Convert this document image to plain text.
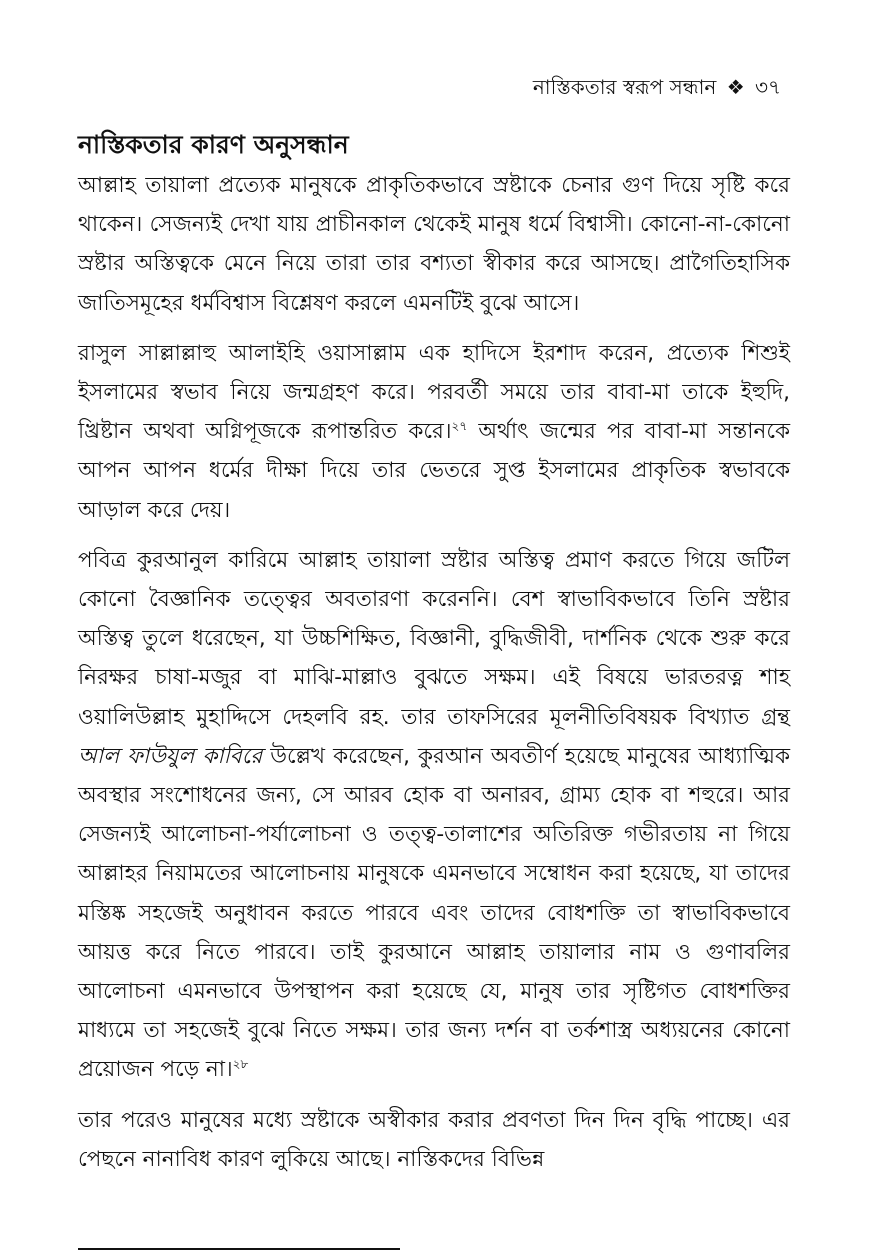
নাস্তিকতার স্বরূপ সন্ধান ❖ ৩৭
নাস্তিকতার কারণ অনুসন্ধান

আল্লাহ তায়ালা প্রত্যেক মানুষকে প্রাকৃতিকভাবে স্রষ্টাকে চেনার গুণ দিয়ে সৃষ্টি করে থাকেন। সেজন্যই দেখা যায় প্রাচীনকাল থেকেই মানুষ ধর্মে বিশ্বাসী। কোনো-না-কোনো স্রষ্টার অস্তিত্বকে মেনে নিয়ে তারা তার বশ্যতা স্বীকার করে আসছে। প্রাগৈতিহাসিক জাতিসমূহের ধর্মবিশ্বাস বিশ্লেষণ করলে এমনটিই বুঝে আসে।

রাসুল সাল্লাল্লাহু আলাইহি ওয়াসাল্লাম এক হাদিসে ইরশাদ করেন, প্রত্যেক শিশুই ইসলামের স্বভাব নিয়ে জন্মগ্রহণ করে। পরবর্তী সময়ে তার বাবা-মা তাকে ইহুদি, খ্রিষ্টান অথবা অগ্নিপূজকে রূপান্তরিত করে।$^{২৭}$ অর্থাৎ জন্মের পর বাবা-মা সন্তানকে আপন আপন ধর্মের দীক্ষা দিয়ে তার ভেতরে সুপ্ত ইসলামের প্রাকৃতিক স্বভাবকে আড়াল করে দেয়।

পবিত্র কুরআনুল কারিমে আল্লাহ তায়ালা স্রষ্টার অস্তিত্ব প্রমাণ করতে গিয়ে জটিল কোনো বৈজ্ঞানিক তত্ত্বের অবতারণা করেননি। বেশ স্বাভাবিকভাবে তিনি স্রষ্টার অস্তিত্ব তুলে ধরেছেন, যা উচ্চশিক্ষিত, বিজ্ঞানী, বুদ্ধিজীবী, দার্শনিক থেকে শুরু করে নিরক্ষর চাষা-মজুর বা মাঝি-মাল্লাও বুঝতে সক্ষম। এই বিষয়ে ভারতরত্ন শাহ ওয়ালিউল্লাহ মুহাদ্দিসে দেহলবি রহ. তার তাফসিরের মূলনীতিবিষয়ক বিখ্যাত গ্রন্থ আল ফাউযুল কাবিরে উল্লেখ করেছেন, কুরআন অবতীর্ণ হয়েছে মানুষের আধ্যাত্মিক অবস্থার সংশোধনের জন্য, সে আরব হোক বা অনারব, গ্রাম্য হোক বা শহুরে। আর সেজন্যই আলোচনা-পর্যালোচনা ও তত্ত্ব-তালাশের অতিরিক্ত গভীরতায় না গিয়ে আল্লাহর নিয়ামতের আলোচনায় মানুষকে এমনভাবে সম্বোধন করা হয়েছে, যা তাদের মস্তিষ্ক সহজেই অনুধাবন করতে পারবে এবং তাদের বোধশক্তি তা স্বাভাবিকভাবে আয়ত্ত করে নিতে পারবে। তাই কুরআনে আল্লাহ তায়ালার নাম ও গুণাবলির আলোচনা এমনভাবে উপস্থাপন করা হয়েছে যে, মানুষ তার সৃষ্টিগত বোধশক্তির মাধ্যমে তা সহজেই বুঝে নিতে সক্ষম। তার জন্য দর্শন বা তর্কশাস্ত্র অধ্যয়নের কোনো প্রয়োজন পড়ে না।$^{২৮}$

তার পরেও মানুষের মধ্যে স্রষ্টাকে অস্বীকার করার প্রবণতা দিন দিন বৃদ্ধি পাচ্ছে। এর পেছনে নানাবিধ কারণ লুকিয়ে আছে। নাস্তিকদের বিভিন্ন
